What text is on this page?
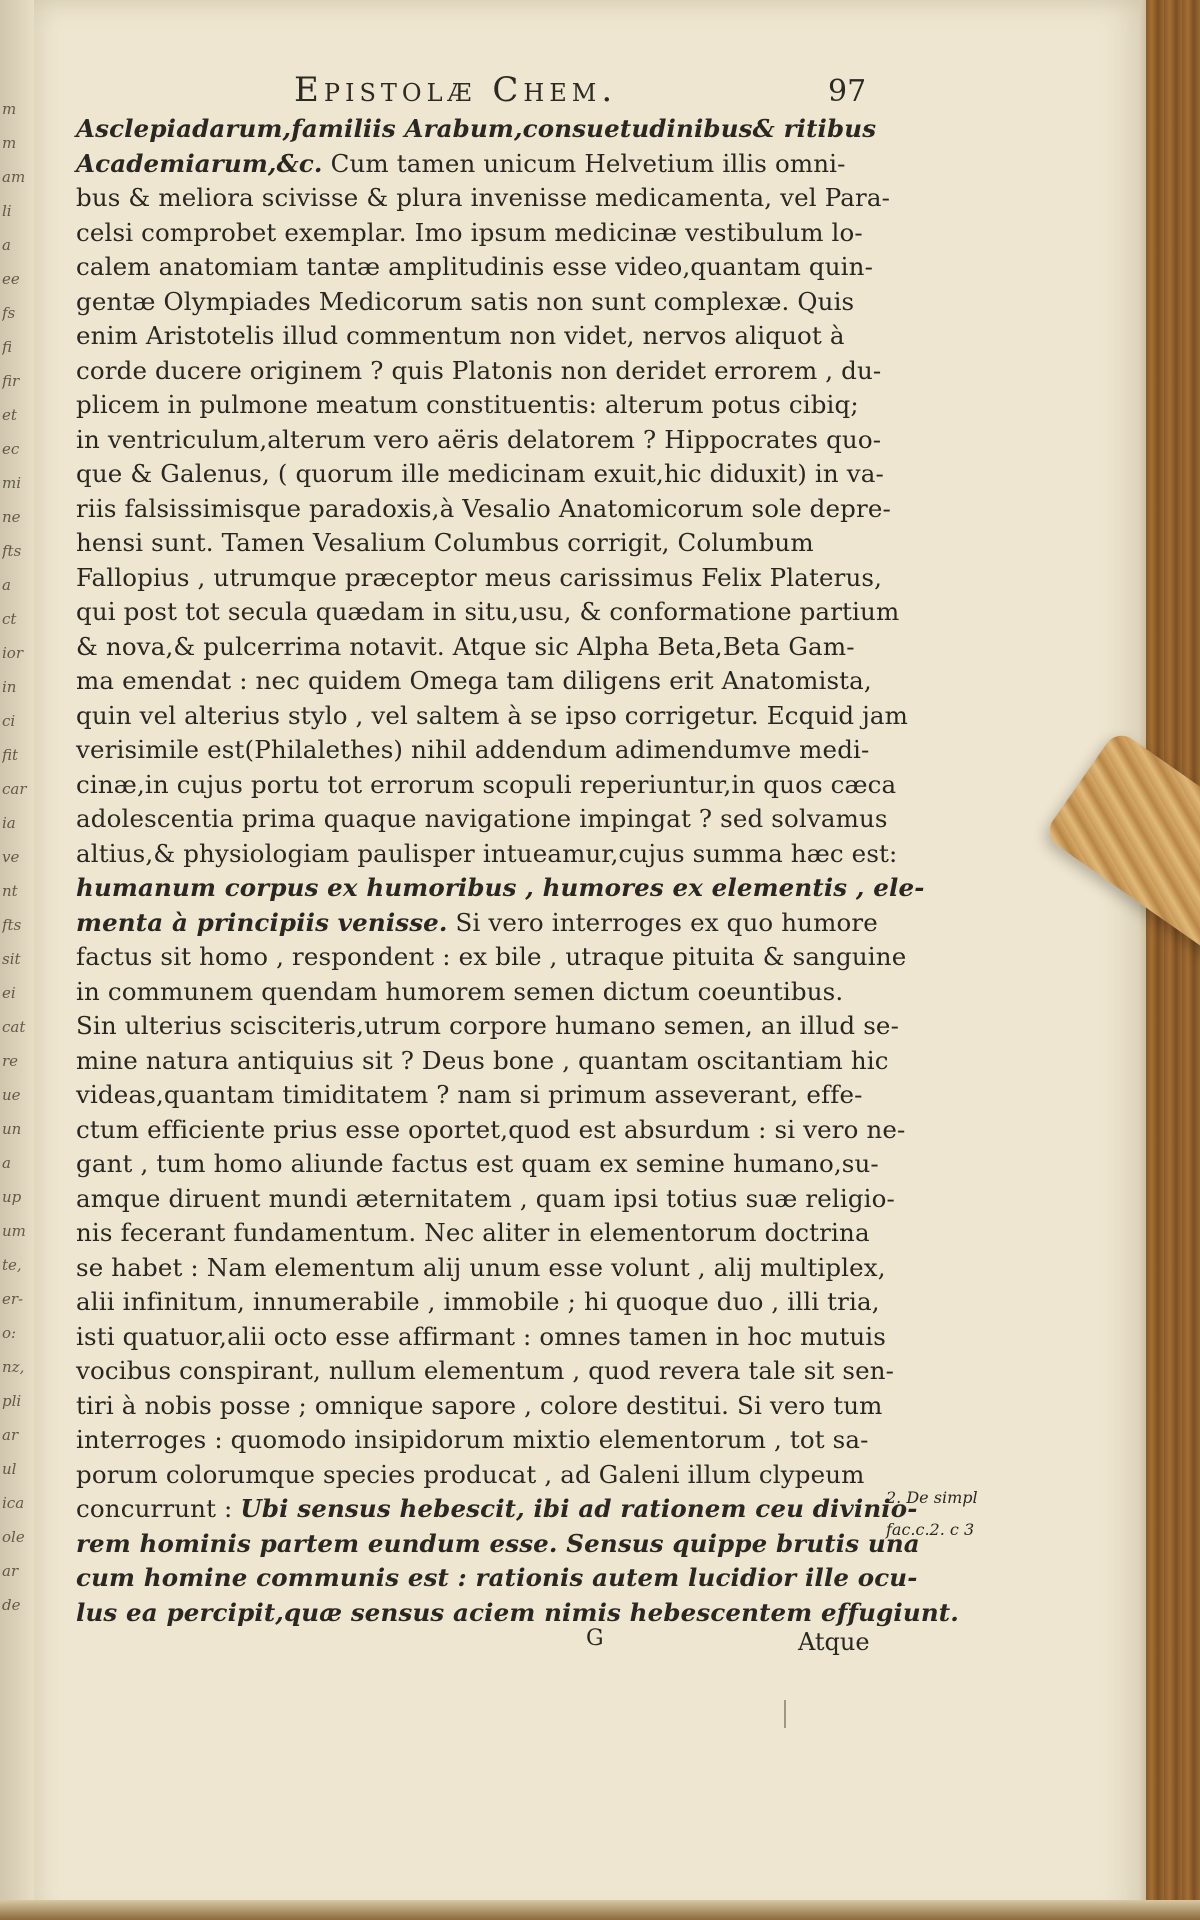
m
m
am
li
a
ee
fs
fi
fir
et
ec
mi
ne
fts
a
ct
ior
in
ci
fit
car
ia
ve
nt
fts
sit
ei
cat
re
ue
un
a
up
um
te,
er-
o:
nz,
pli
ar
ul
ica
ole
ar
de
Epistolæ Chem.	97
Asclepiadarum,familiis Arabum,consuetudinibus& ritibus
Academiarum,&c. Cum tamen unicum Helvetium illis omni-
bus & meliora scivisse & plura invenisse medicamenta, vel Para-
celsi comprobet exemplar. Imo ipsum medicinæ vestibulum lo-
calem anatomiam tantæ amplitudinis esse video,quantam quin-
gentæ Olympiades Medicorum satis non sunt complexæ. Quis
enim Aristotelis illud commentum non videt, nervos aliquot à
corde ducere originem ? quis Platonis non deridet errorem , du-
plicem in pulmone meatum constituentis: alterum potus cibiq;
in ventriculum,alterum vero aëris delatorem ? Hippocrates quo-
que & Galenus, ( quorum ille medicinam exuit,hic diduxit) in va-
riis falsissimisque paradoxis,à Vesalio Anatomicorum sole depre-
hensi sunt. Tamen Vesalium Columbus corrigit, Columbum
Fallopius , utrumque præceptor meus carissimus Felix Platerus,
qui post tot secula quædam in situ,usu, & conformatione partium
& nova,& pulcerrima notavit. Atque sic Alpha Beta,Beta Gam-
ma emendat : nec quidem Omega tam diligens erit Anatomista,
quin vel alterius stylo , vel saltem à se ipso corrigetur. Ecquid jam
verisimile est(Philalethes) nihil addendum adimendumve medi-
cinæ,in cujus portu tot errorum scopuli reperiuntur,in quos cæca
adolescentia prima quaque navigatione impingat ? sed solvamus
altius,& physiologiam paulisper intueamur,cujus summa hæc est:
humanum corpus ex humoribus , humores ex elementis , ele-
menta à principiis venisse. Si vero interroges ex quo humore
factus sit homo , respondent : ex bile , utraque pituita & sanguine
in communem quendam humorem semen dictum coeuntibus.
Sin ulterius sciscitеris,utrum corpore humano semen, an illud se-
mine natura antiquius sit ? Deus bone , quantam oscitantiam hic
videas,quantam timiditatem ? nam si primum asseverant, effe-
ctum efficiente prius esse oportet,quod est absurdum : si vero ne-
gant , tum homo aliunde factus est quam ex semine humano,su-
amque diruent mundi æternitatem , quam ipsi totius suæ religio-
nis fecerant fundamentum. Nec aliter in elementorum doctrina
se habet : Nam elementum alij unum esse volunt , alij multiplex,
alii infinitum, innumerabile , immobile ; hi quoque duo , illi tria,
isti quatuor,alii octo esse affirmant : omnes tamen in hoc mutuis
vocibus conspirant, nullum elementum , quod revera tale sit sen-
tiri à nobis posse ; omnique sapore , colore destitui. Si vero tum
interroges : quomodo insipidorum mixtio elementorum , tot sa-
porum colorumque species producat , ad Galeni illum clypeum
concurrunt : Ubi sensus hebescit, ibi ad rationem ceu divinio-
rem hominis partem eundum esse. Sensus quippe brutis una
cum homine communis est : rationis autem lucidior ille ocu-
lus ea percipit,quæ sensus aciem nimis hebescentem effugiunt.
2. De simpl
fac.c.2. c 3
G	Atque
